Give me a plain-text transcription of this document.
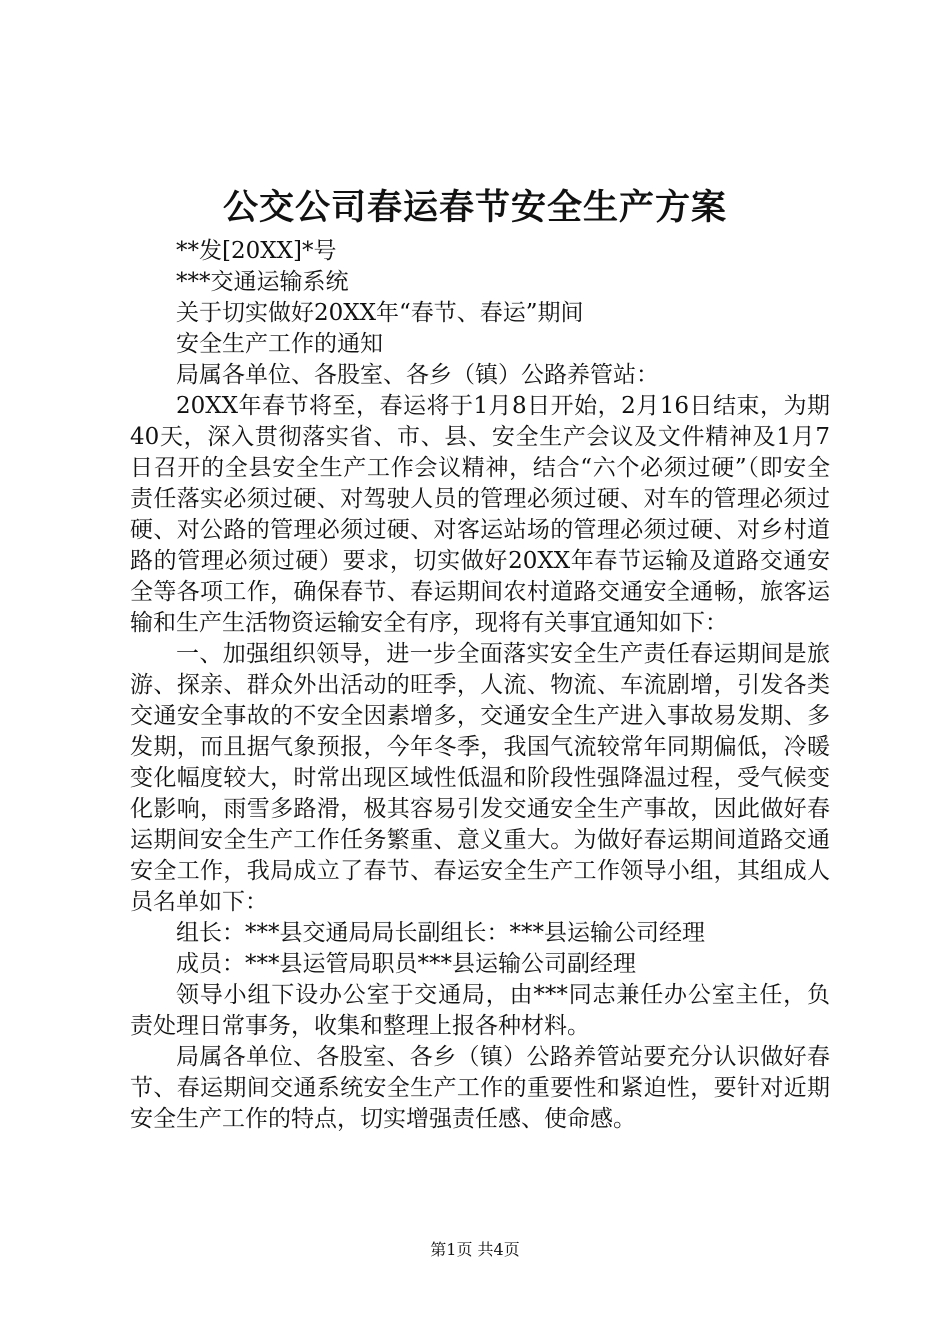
公交公司春运春节安全生产方案

**发[20XX]*号

***交通运输系统

关于切实做好20XX年“春节、春运”期间

安全生产工作的通知

局属各单位、各股室、各乡（镇）公路养管站：

20XX年春节将至，春运将于1月8日开始，2月16日结束，为期40天，深入贯彻落实省、市、县、安全生产会议及文件精神及1月7日召开的全县安全生产工作会议精神，结合“六个必须过硬”（即安全责任落实必须过硬、对驾驶人员的管理必须过硬、对车的管理必须过硬、对公路的管理必须过硬、对客运站场的管理必须过硬、对乡村道路的管理必须过硬）要求，切实做好20XX年春节运输及道路交通安全等各项工作，确保春节、春运期间农村道路交通安全通畅，旅客运输和生产生活物资运输安全有序，现将有关事宜通知如下：

一、加强组织领导，进一步全面落实安全生产责任春运期间是旅游、探亲、群众外出活动的旺季，人流、物流、车流剧增，引发各类交通安全事故的不安全因素增多，交通安全生产进入事故易发期、多发期，而且据气象预报，今年冬季，我国气流较常年同期偏低，冷暖变化幅度较大，时常出现区域性低温和阶段性强降温过程，受气候变化影响，雨雪多路滑，极其容易引发交通安全生产事故，因此做好春运期间安全生产工作任务繁重、意义重大。为做好春运期间道路交通安全工作，我局成立了春节、春运安全生产工作领导小组，其组成人员名单如下：

组长：***县交通局局长副组长：***县运输公司经理

成员：***县运管局职员***县运输公司副经理

领导小组下设办公室于交通局，由***同志兼任办公室主任，负责处理日常事务，收集和整理上报各种材料。

局属各单位、各股室、各乡（镇）公路养管站要充分认识做好春节、春运期间交通系统安全生产工作的重要性和紧迫性，要针对近期安全生产工作的特点，切实增强责任感、使命感。

第1页 共4页
